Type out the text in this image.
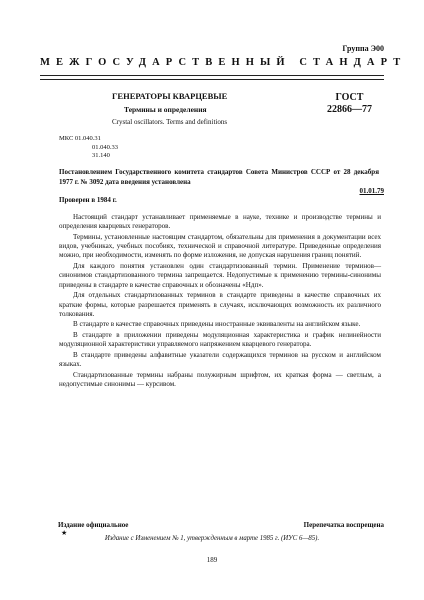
Группа Э00
МЕЖГОСУДАРСТВЕННЫЙ СТАНДАРТ
ГЕНЕРАТОРЫ КВАРЦЕВЫЕ
Термины и определения
Crystal oscillators. Terms and definitions
ГОСТ
22866—77
МКС 01.040.31
01.040.33
31.140
Постановлением Государственного комитета стандартов Совета Министров СССР от 28 декабря 1977 г. № 3092 дата введения установлена
01.01.79
Проверен в 1984 г.

Настоящий стандарт устанавливает применяемые в науке, технике и производстве термины и определения кварцевых генераторов.

Термины, установленные настоящим стандартом, обязательны для применения в документации всех видов, учебниках, учебных пособиях, технической и справочной литературе. Приведенные определения можно, при необходимости, изменять по форме изложения, не допуская нарушения границ понятий.

Для каждого понятия установлен один стандартизованный термин. Применение терминов—синонимов стандартизованного термина запрещается. Недопустимые к применению термины-синонимы приведены в стандарте в качестве справочных и обозначены «Ндп».

Для отдельных стандартизованных терминов в стандарте приведены в качестве справочных их краткие формы, которые разрешается применять в случаях, исключающих возможность их различного толкования.

В стандарте в качестве справочных приведены иностранные эквиваленты на английском языке.

В стандарте в приложении приведены модуляционная характеристика и график нелинейности модуляционной характеристики управляемого напряжением кварцевого генератора.

В стандарте приведены алфавитные указатели содержащихся терминов на русском и английском языках.

Стандартизованные термины набраны полужирным шрифтом, их краткая форма — светлым, а недопустимые синонимы — курсивом.

Издание официальное
★
Перепечатка воспрещена
Издание с Изменением № 1, утвержденным в марте 1985 г. (ИУС 6—85).
189
